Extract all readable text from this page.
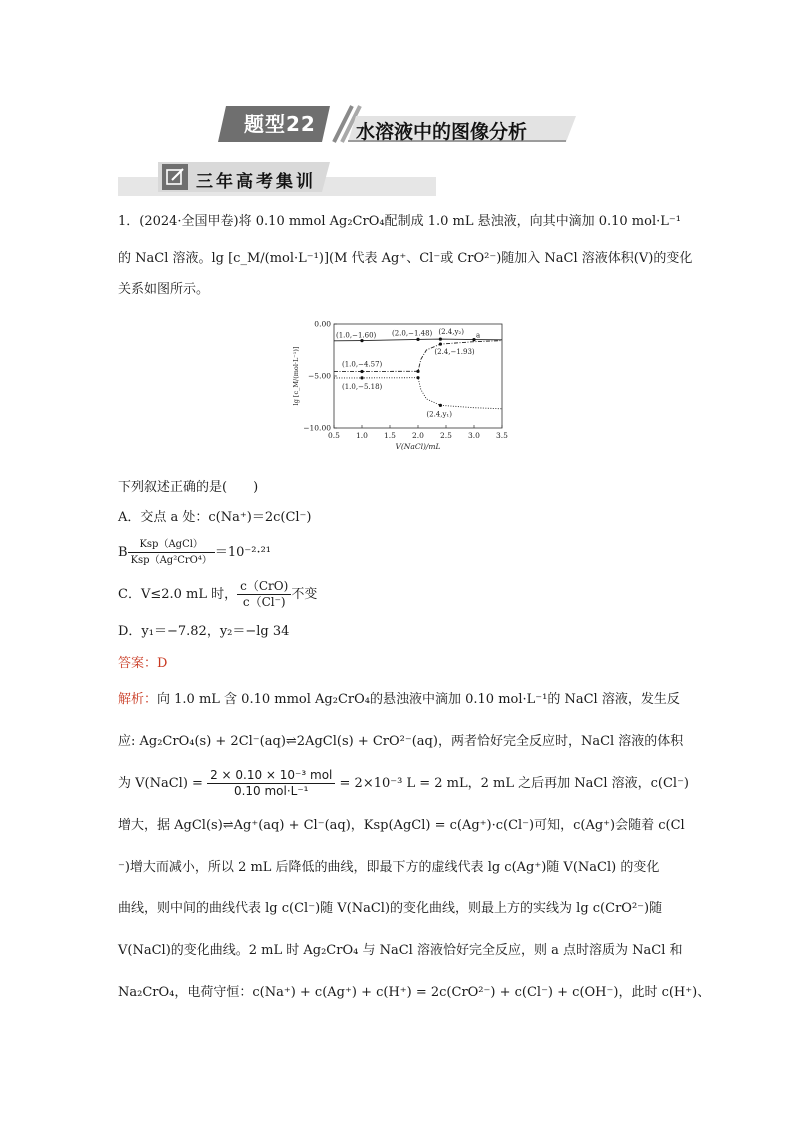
题型22 水溶液中的图像分析
三年高考集训
1．(2024·全国甲卷)将 0.10 mmol Ag₂CrO₄配制成 1.0 mL 悬浊液，向其中滴加 0.10 mol·L⁻¹
的 NaCl 溶液。lg [c_M/(mol·L⁻¹)](M 代表 Ag⁺、Cl⁻或 CrO²⁻)随加入 NaCl 溶液体积(V)的变化
关系如图所示。
0.5 1.0 1.5 2.0 2.5 3.0 3.5
0.00
−5.00
−10.00
V(NaCl)/mL
lg [c_M/(mol·L⁻¹)]
(1.0,−1.60) (2.0,−1.48) (2.4,y₂) a
(2.4,−1.93)
(1.0,−4.57)
(1.0,−5.18)
(2.4,y₁)
下列叙述正确的是(　　)
A．交点 a 处：c(Na⁺)＝2c(Cl⁻)
B $\frac{\text{Ksp（AgCl）}}{\text{Ksp（Ag²CrO⁴）}} =10^{-2}\cdot^{21}$
C．V≤2.0 mL 时， $\frac{\text{c（CrO)}}{c(Cl^-)}$ 不变
D．y₁＝−7.82，y₂＝−lg 34
答案：D
解析：向 1.0 mL 含 0.10 mmol Ag₂CrO₄的悬浊液中滴加 0.10 mol·L⁻¹的 NaCl 溶液，发生反
应: Ag₂CrO₄(s) + 2Cl⁻(aq)⇌2AgCl(s) + CrO²⁻(aq)，两者恰好完全反应时，NaCl 溶液的体积
为 V(NaCl) = $\frac{\text{2 × 0.10 × 10⁻³ mol}}{\text{0.10 mol·L⁻¹}} = 2\times 10^{-3}$ L = 2 mL，2 mL 之后再加 NaCl 溶液，c(Cl⁻)
增大，据 AgCl(s)⇌Ag⁺(aq) + Cl⁻(aq)，Ksp(AgCl) = c(Ag⁺)·c(Cl⁻)可知，c(Ag⁺)会随着 c(Cl
⁻)增大而减小，所以 2 mL 后降低的曲线，即最下方的虚线代表 lg c(Ag⁺)随 V(NaCl) 的变化
曲线，则中间的曲线代表 lg c(Cl⁻)随 V(NaCl)的变化曲线，则最上方的实线为 lg c(CrO²⁻)随
V(NaCl)的变化曲线。2 mL 时 Ag₂CrO₄ 与 NaCl 溶液恰好完全反应，则 a 点时溶质为 NaCl 和
Na₂CrO₄，电荷守恒：c(Na⁺) + c(Ag⁺) + c(H⁺) = 2c(CrO²⁻) + c(Cl⁻) + c(OH⁻)，此时 c(H⁺)、
